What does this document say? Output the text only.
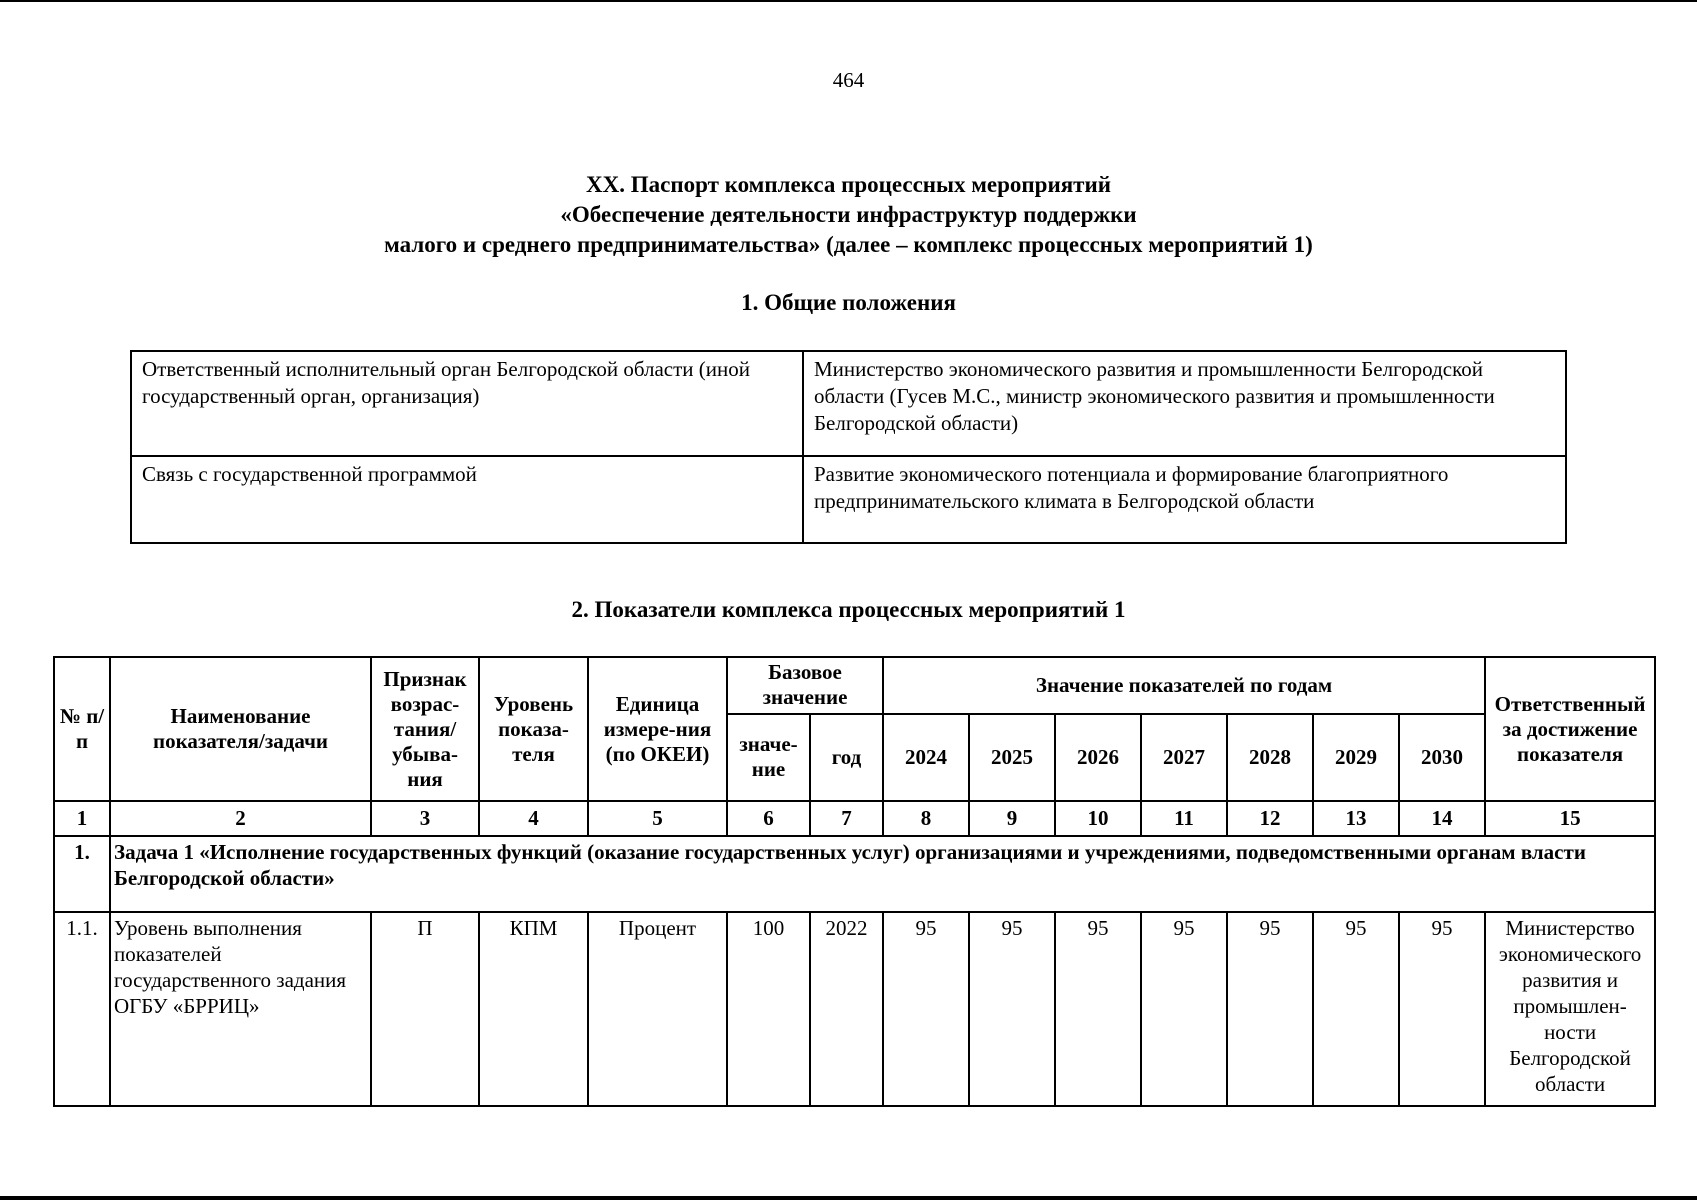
464
XX. Паспорт комплекса процессных мероприятий
«Обеспечение деятельности инфраструктур поддержки
малого и среднего предпринимательства» (далее – комплекс процессных мероприятий 1)
1. Общие положения
Ответственный исполнительный орган Белгородской области (иной государственный орган, организация)	Министерство экономического развития и промышленности Белгородской области (Гусев М.С., министр экономического развития и промышленности Белгородской области)
Связь с государственной программой	Развитие экономического потенциала и формирование благоприятного предпринимательского климата в Белгородской области
2. Показатели комплекса процессных мероприятий 1
№ п/п	Наименование показателя/задачи	Признак возрас-тания/ убыва-ния	Уровень показа-теля	Единица измере-ния (по ОКЕИ)	Базовое значение		Значение показателей по годам							Ответственный за достижение показателя
					значе-ние	год	2024	2025	2026	2027	2028	2029	2030	
1	2	3	4	5	6	7	8	9	10	11	12	13	14	15
1.	Задача 1 «Исполнение государственных функций (оказание государственных услуг) организациями и учреждениями, подведомственными органам власти Белгородской области»													
1.1.	Уровень выполнения показателей государственного задания ОГБУ «БРРИЦ»	П	КПМ	Процент	100	2022	95	95	95	95	95	95	95	Министерство экономического развития и промышлен-ности Белгородской области
